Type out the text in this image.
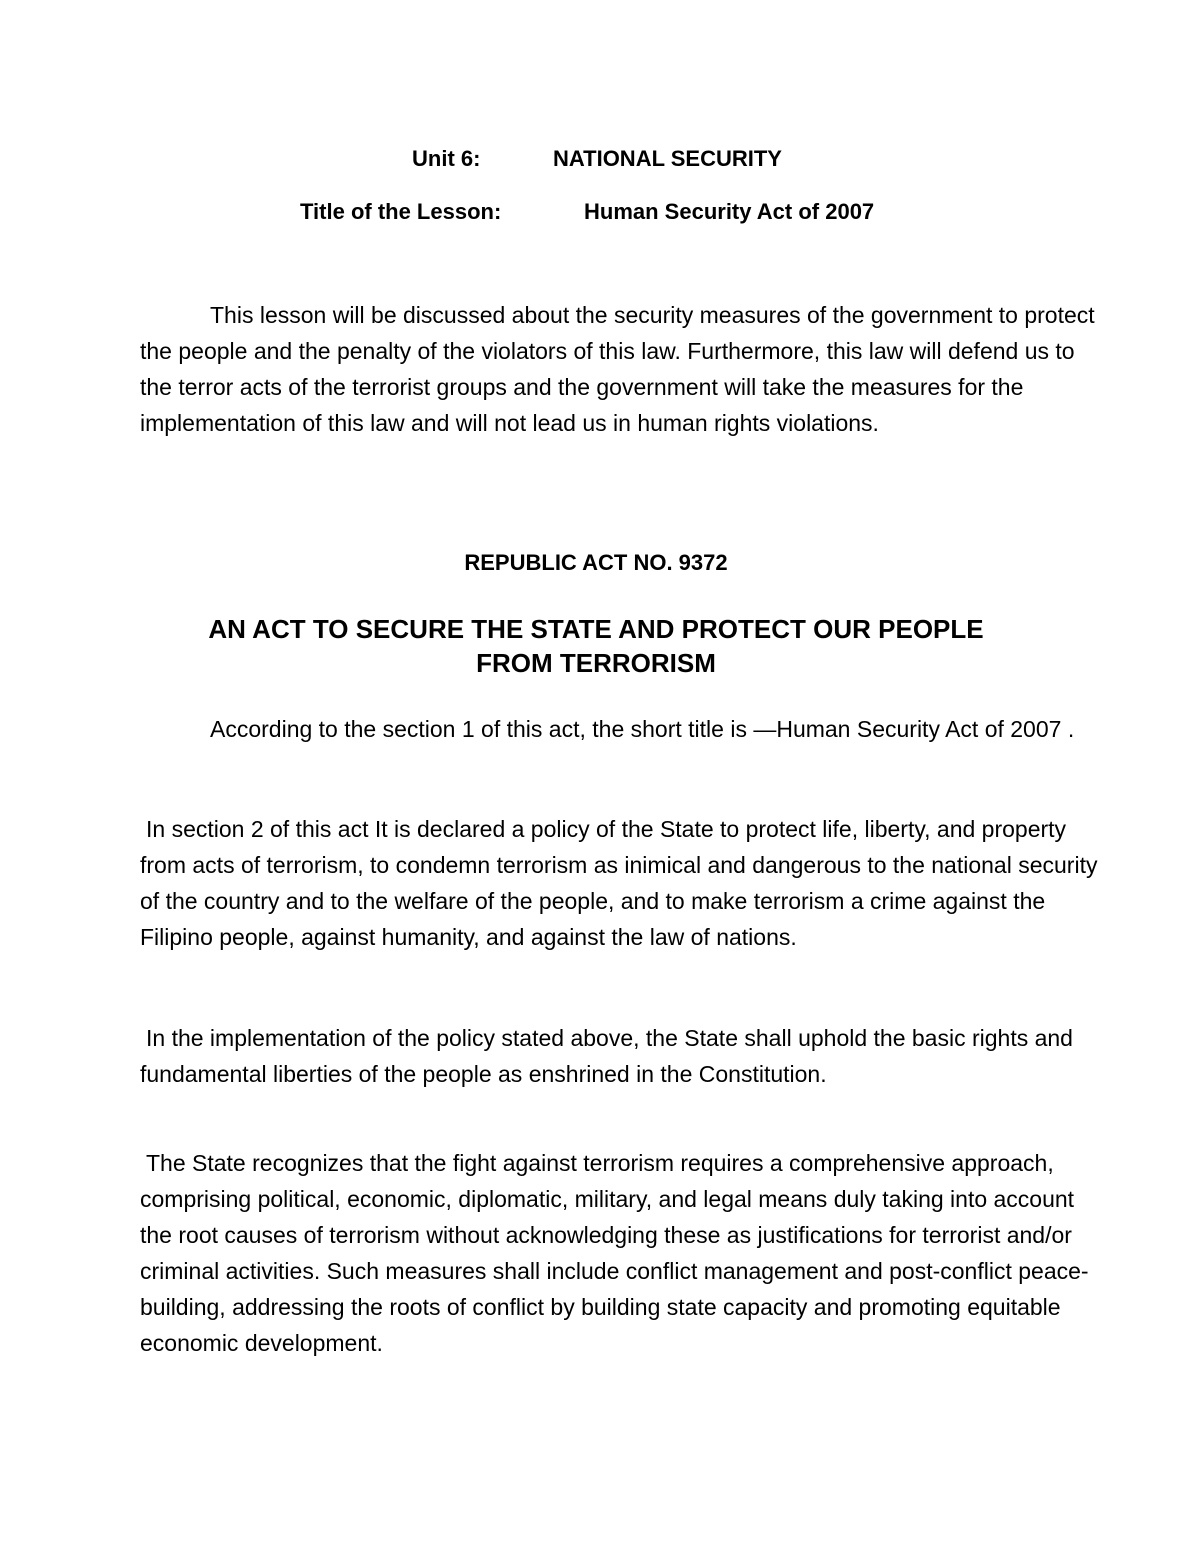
Unit 6:	NATIONAL SECURITY
Title of the Lesson:	Human Security Act of 2007

This lesson will be discussed about the security measures of the government to protect the people and the penalty of the violators of this law. Furthermore, this law will defend us to the terror acts of the terrorist groups and the government will take the measures for the implementation of this law and will not lead us in human rights violations.

REPUBLIC ACT NO. 9372
AN ACT TO SECURE THE STATE AND PROTECT OUR PEOPLE
FROM TERRORISM

According to the section 1 of this act, the short title is —Human Security Act of 2007 .

In section 2 of this act It is declared a policy of the State to protect life, liberty, and property from acts of terrorism, to condemn terrorism as inimical and dangerous to the national security of the country and to the welfare of the people, and to make terrorism a crime against the Filipino people, against humanity, and against the law of nations.

In the implementation of the policy stated above, the State shall uphold the basic rights and fundamental liberties of the people as enshrined in the Constitution.

The State recognizes that the fight against terrorism requires a comprehensive approach, comprising political, economic, diplomatic, military, and legal means duly taking into account the root causes of terrorism without acknowledging these as justifications for terrorist and/or criminal activities. Such measures shall include conflict management and post-conflict peace-building, addressing the roots of conflict by building state capacity and promoting equitable economic development.
